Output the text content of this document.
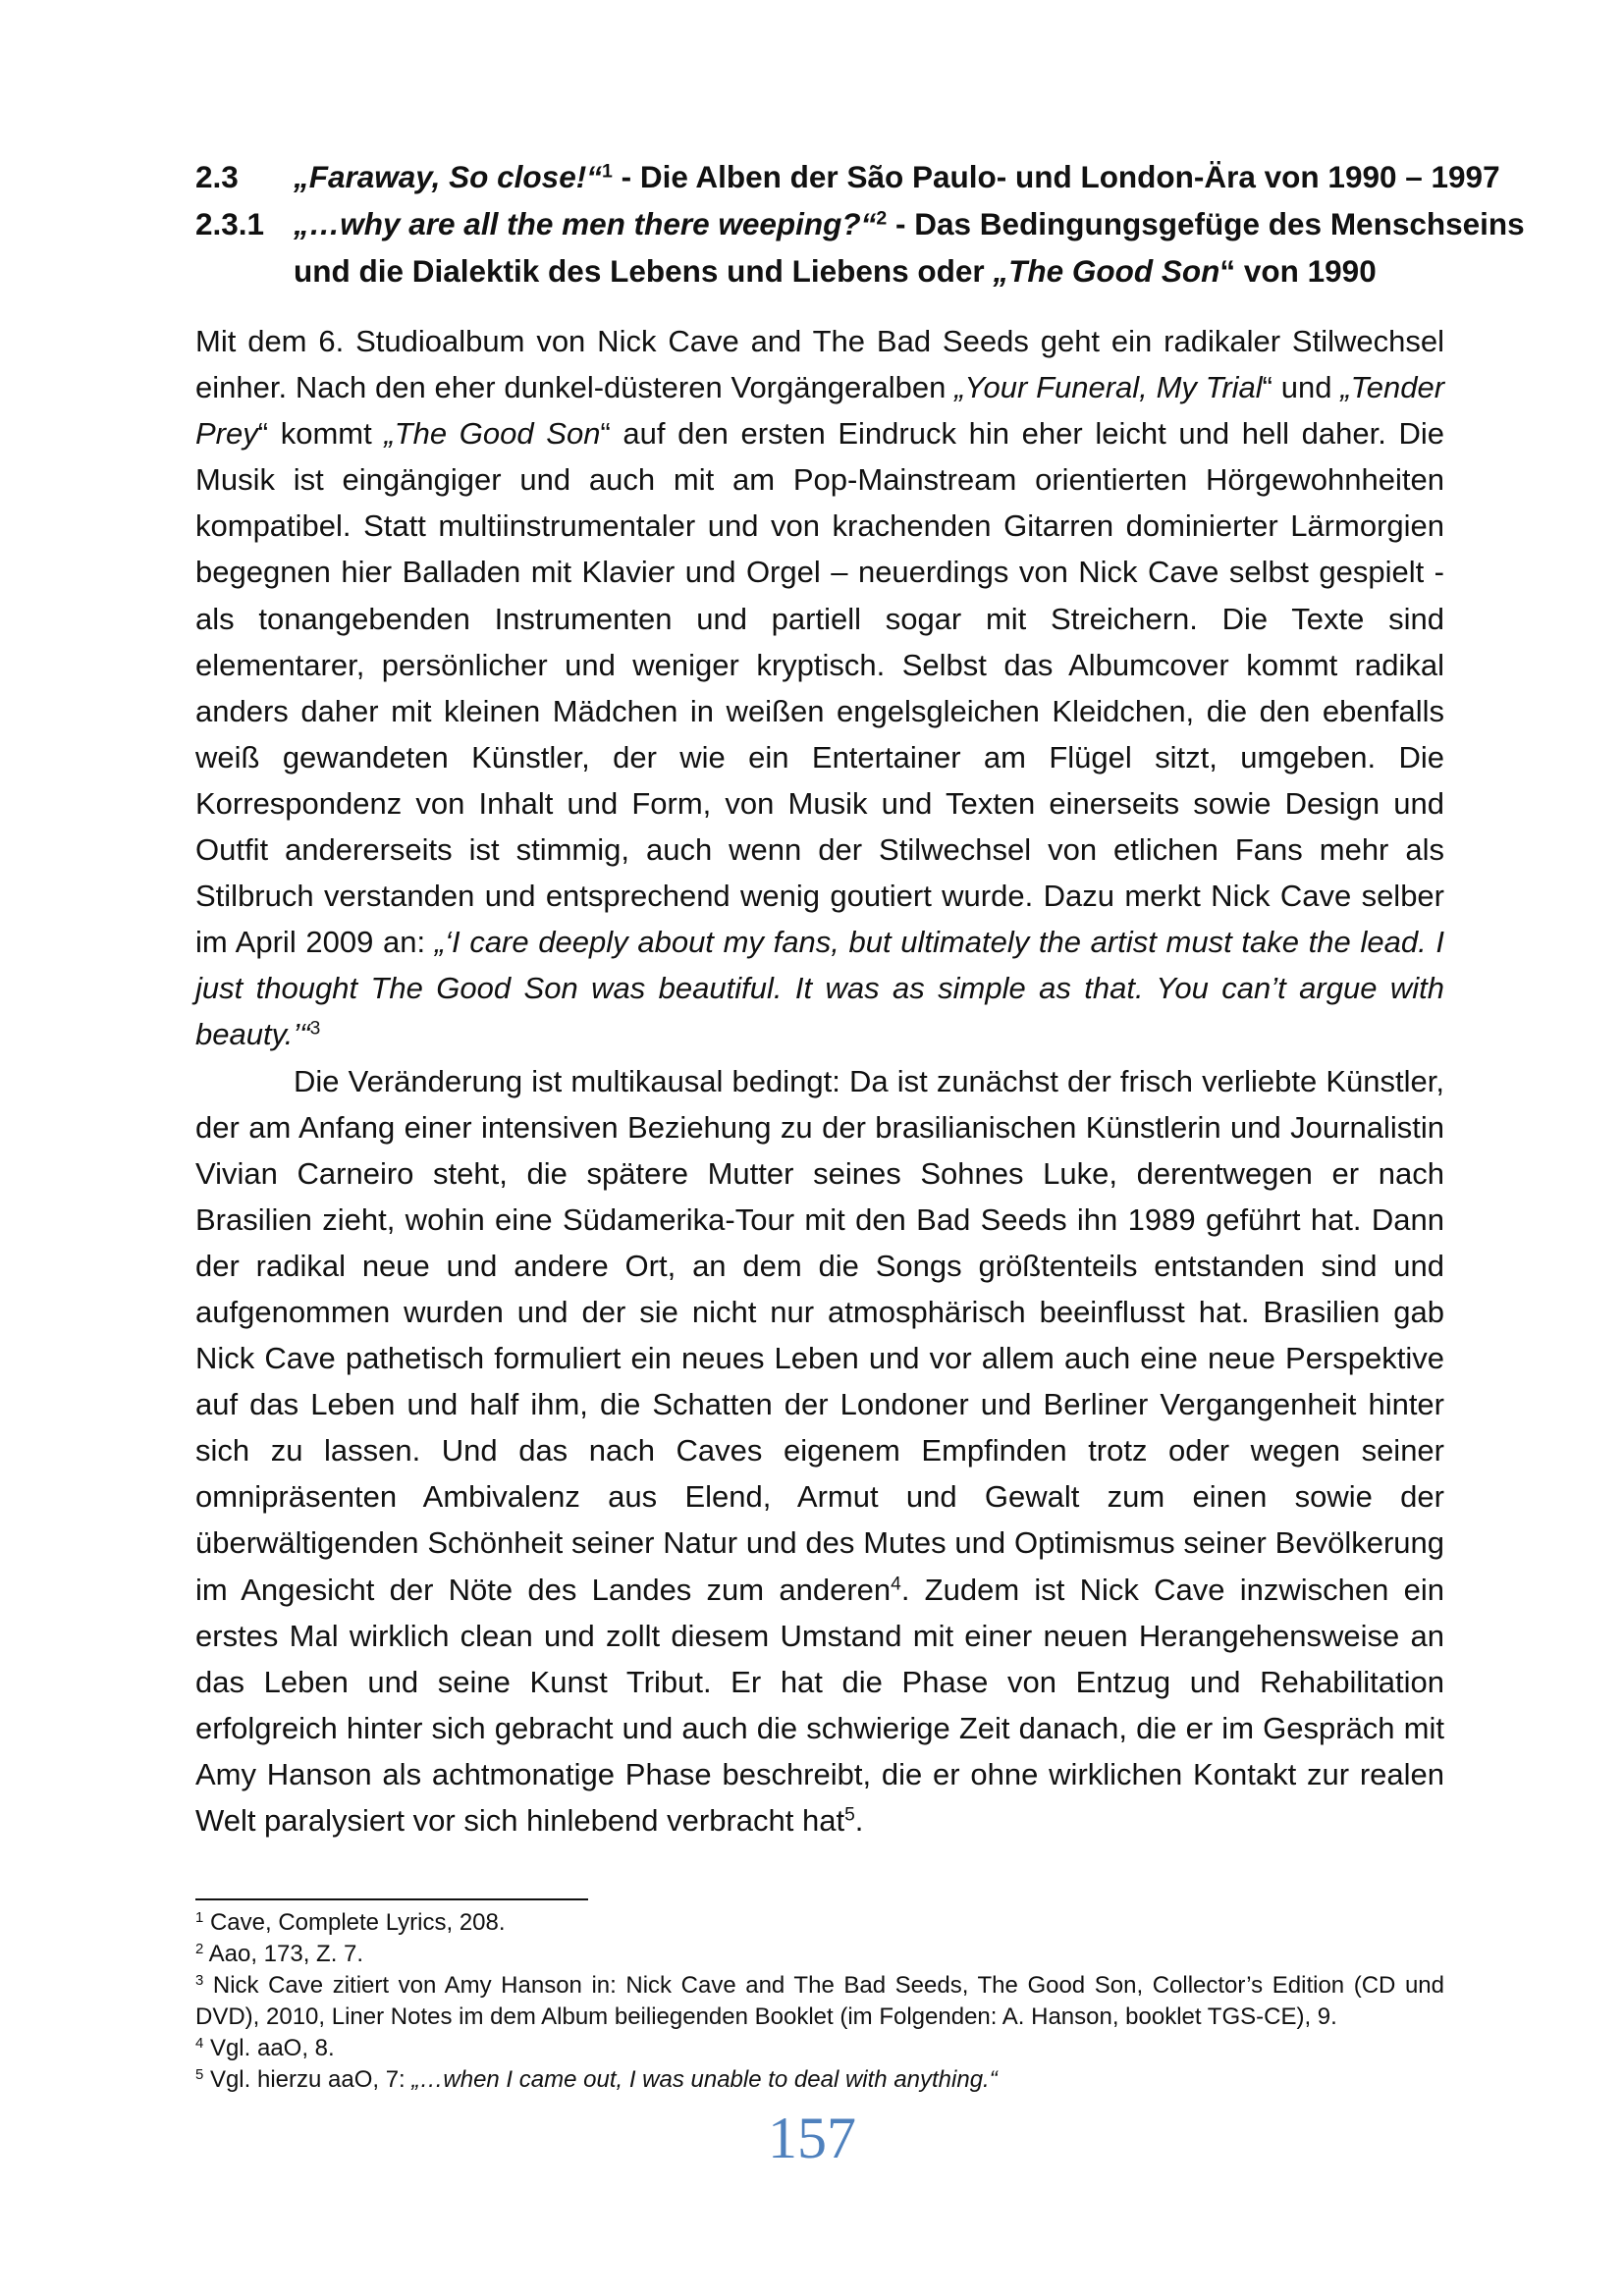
2.3	„Faraway, So close!“$^1$ - Die Alben der São Paulo- und London-Ära von 1990 – 1997
2.3.1 „…why are all the men there weeping?“$^2$ - Das Bedingungsgefüge des Menschseins
und die Dialektik des Lebens und Liebens oder „The Good Son“ von 1990

Mit dem 6. Studioalbum von Nick Cave and The Bad Seeds geht ein radikaler Stilwechsel einher. Nach den eher dunkel-düsteren Vorgängeralben „Your Funeral, My Trial“ und „Tender Prey“ kommt „The Good Son“ auf den ersten Eindruck hin eher leicht und hell daher. Die Musik ist eingängiger und auch mit am Pop-Mainstream orientierten Hörgewohnheiten kompatibel. Statt multiinstrumentaler und von krachenden Gitarren dominierter Lärmorgien begegnen hier Balladen mit Klavier und Orgel – neuerdings von Nick Cave selbst gespielt - als tonangebenden Instrumenten und partiell sogar mit Streichern. Die Texte sind elementarer, persönlicher und weniger kryptisch. Selbst das Albumcover kommt radikal anders daher mit kleinen Mädchen in weißen engelsgleichen Kleidchen, die den ebenfalls weiß gewandeten Künstler, der wie ein Entertainer am Flügel sitzt, umgeben. Die Korrespondenz von Inhalt und Form, von Musik und Texten einerseits sowie Design und Outfit andererseits ist stimmig, auch wenn der Stilwechsel von etlichen Fans mehr als Stilbruch verstanden und entsprechend wenig goutiert wurde. Dazu merkt Nick Cave selber im April 2009 an: „‘I care deeply about my fans, but ultimately the artist must take the lead. I just thought The Good Son was beautiful. It was as simple as that. You can’t argue with beauty.’“$^3$

Die Veränderung ist multikausal bedingt: Da ist zunächst der frisch verliebte Künstler, der am Anfang einer intensiven Beziehung zu der brasilianischen Künstlerin und Journalistin Vivian Carneiro steht, die spätere Mutter seines Sohnes Luke, derentwegen er nach Brasilien zieht, wohin eine Südamerika-Tour mit den Bad Seeds ihn 1989 geführt hat. Dann der radikal neue und andere Ort, an dem die Songs größtenteils entstanden sind und aufgenommen wurden und der sie nicht nur atmosphärisch beeinflusst hat. Brasilien gab Nick Cave pathetisch formuliert ein neues Leben und vor allem auch eine neue Perspektive auf das Leben und half ihm, die Schatten der Londoner und Berliner Vergangenheit hinter sich zu lassen. Und das nach Caves eigenem Empfinden trotz oder wegen seiner omnipräsenten Ambivalenz aus Elend, Armut und Gewalt zum einen sowie der überwältigenden Schönheit seiner Natur und des Mutes und Optimismus seiner Bevölkerung im Angesicht der Nöte des Landes zum anderen$^4$. Zudem ist Nick Cave inzwischen ein erstes Mal wirklich clean und zollt diesem Umstand mit einer neuen Herangehensweise an das Leben und seine Kunst Tribut. Er hat die Phase von Entzug und Rehabilitation erfolgreich hinter sich gebracht und auch die schwierige Zeit danach, die er im Gespräch mit Amy Hanson als achtmonatige Phase beschreibt, die er ohne wirklichen Kontakt zur realen Welt paralysiert vor sich hinlebend verbracht hat$^5$.

$^1$ Cave, Complete Lyrics, 208.

$^2$ Aao, 173, Z. 7.

$^3$ Nick Cave zitiert von Amy Hanson in: Nick Cave and The Bad Seeds, The Good Son, Collector’s Edition (CD und DVD), 2010, Liner Notes im dem Album beiliegenden Booklet (im Folgenden: A. Hanson, booklet TGS-CE), 9.

$^4$ Vgl. aaO, 8.

$^5$ Vgl. hierzu aaO, 7: „…when I came out, I was unable to deal with anything.“

157
